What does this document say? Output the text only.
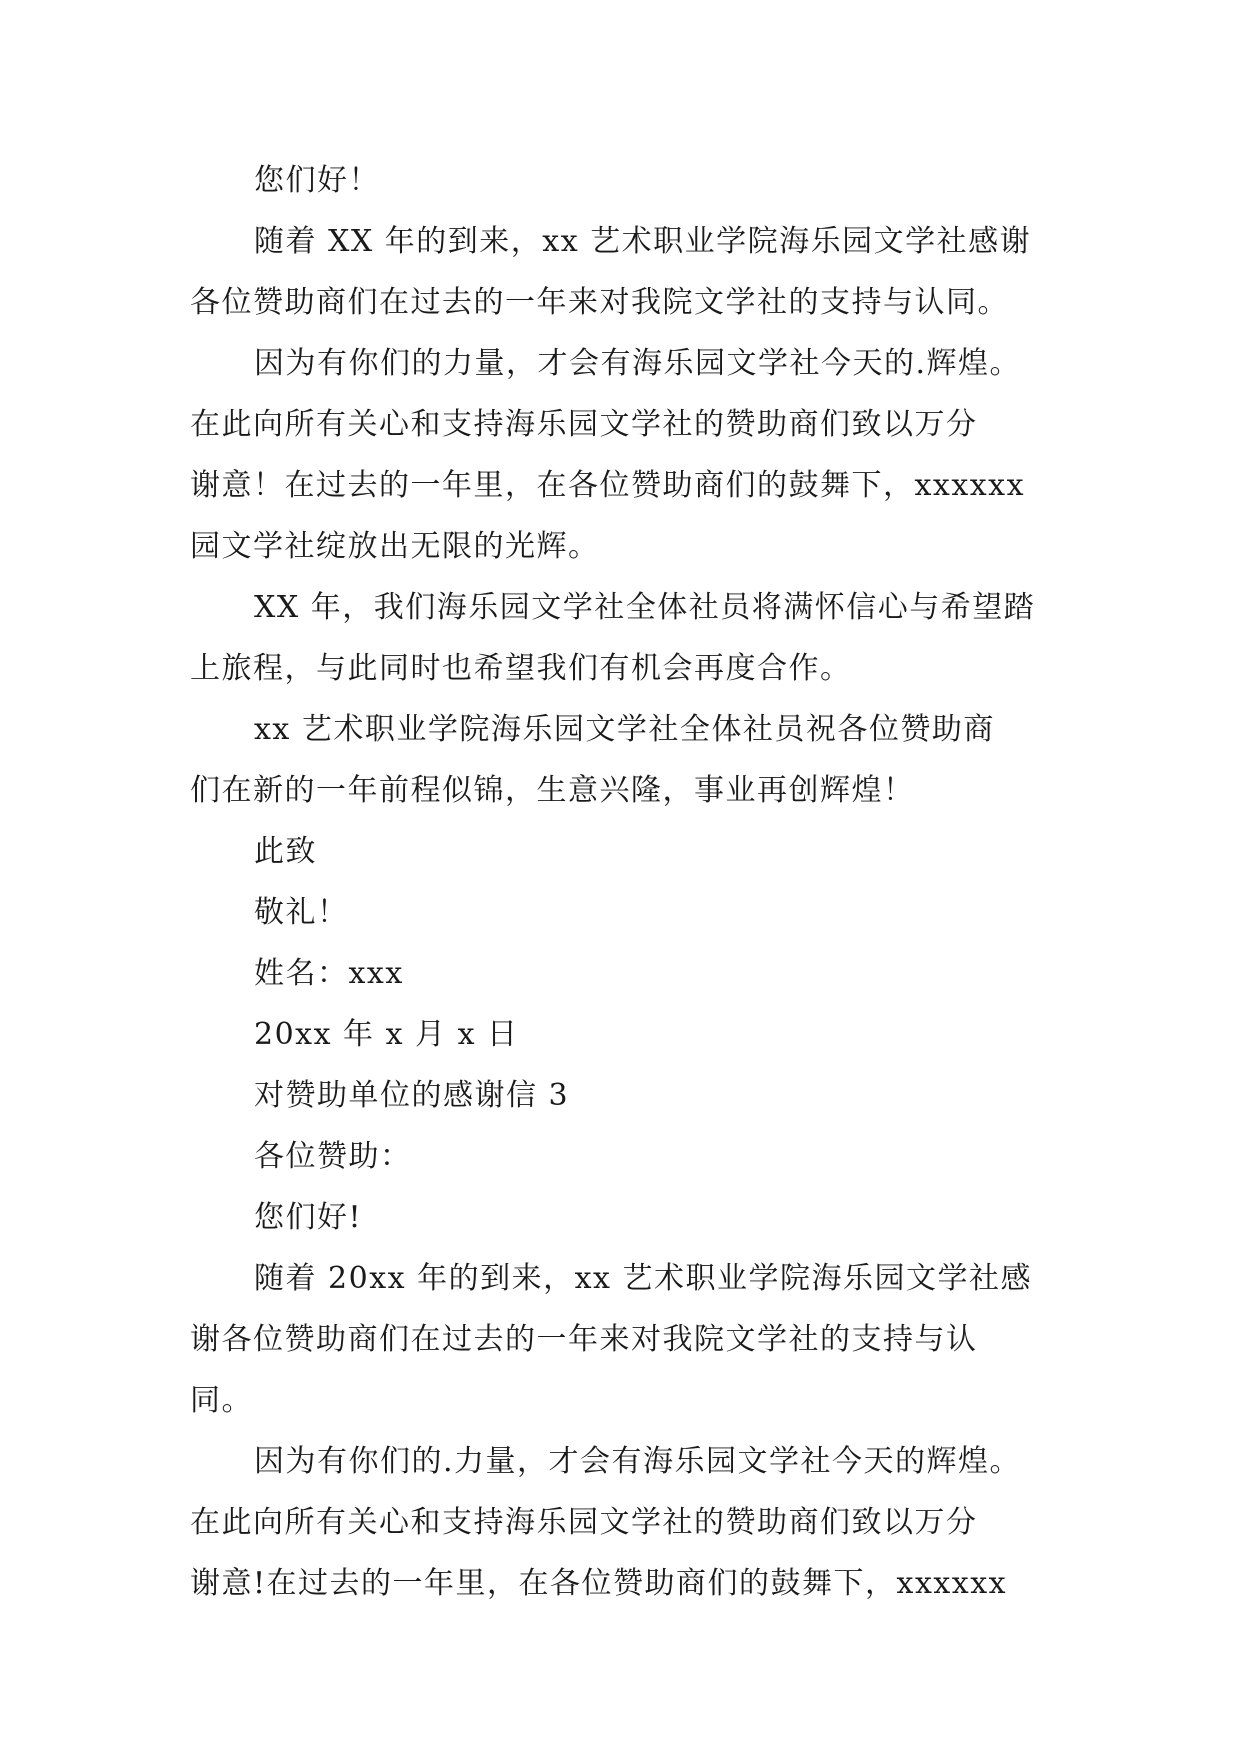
您们好！
随着 XX 年的到来，xx 艺术职业学院海乐园文学社感谢
各位赞助商们在过去的一年来对我院文学社的支持与认同。
因为有你们的力量，才会有海乐园文学社今天的.辉煌。
在此向所有关心和支持海乐园文学社的赞助商们致以万分
谢意！在过去的一年里，在各位赞助商们的鼓舞下，xxxxxx
园文学社绽放出无限的光辉。
XX 年，我们海乐园文学社全体社员将满怀信心与希望踏
上旅程，与此同时也希望我们有机会再度合作。
xx 艺术职业学院海乐园文学社全体社员祝各位赞助商
们在新的一年前程似锦，生意兴隆，事业再创辉煌！
此致
敬礼！
姓名：xxx
20xx 年 x 月 x 日
对赞助单位的感谢信 3
各位赞助：
您们好!
随着 20xx 年的到来，xx 艺术职业学院海乐园文学社感
谢各位赞助商们在过去的一年来对我院文学社的支持与认
同。
因为有你们的.力量，才会有海乐园文学社今天的辉煌。
在此向所有关心和支持海乐园文学社的赞助商们致以万分
谢意!在过去的一年里，在各位赞助商们的鼓舞下，xxxxxx
